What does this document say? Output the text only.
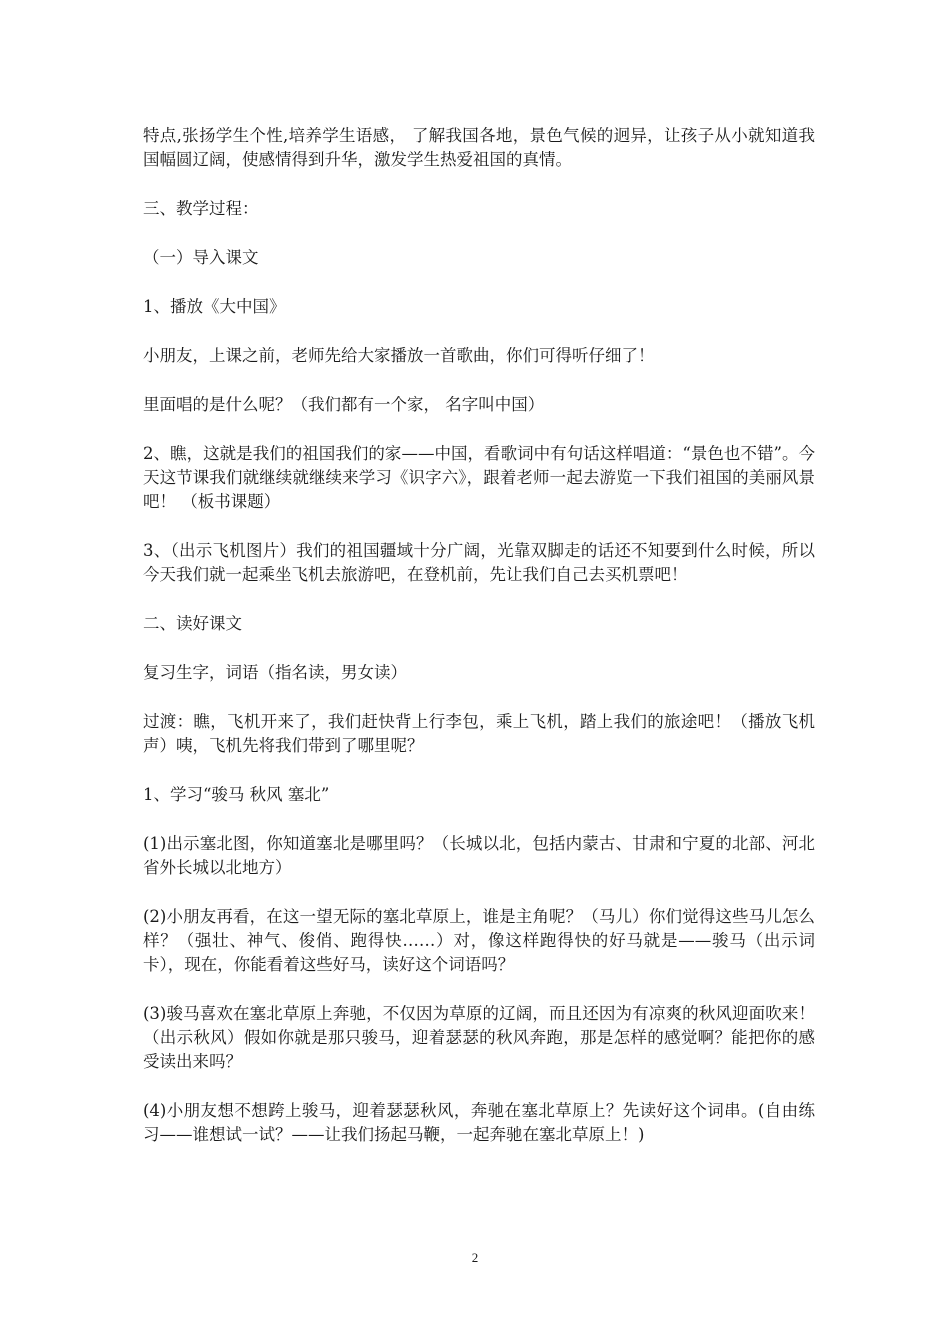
特点,张扬学生个性,培养学生语感， 了解我国各地，景色气候的迥异，让孩子从小就知道我国幅圆辽阔，使感情得到升华，激发学生热爱祖国的真情。

三、教学过程：

（一）导入课文

1、播放《大中国》

小朋友，上课之前，老师先给大家播放一首歌曲，你们可得听仔细了！

里面唱的是什么呢？（我们都有一个家， 名字叫中国）

2、瞧，这就是我们的祖国我们的家——中国，看歌词中有句话这样唱道：“景色也不错”。今天这节课我们就继续就继续来学习《识字六》，跟着老师一起去游览一下我们祖国的美丽风景吧！ （板书课题）

3、（出示飞机图片）我们的祖国疆域十分广阔，光靠双脚走的话还不知要到什么时候，所以今天我们就一起乘坐飞机去旅游吧，在登机前，先让我们自己去买机票吧！

二、读好课文

复习生字，词语（指名读，男女读）

过渡：瞧，飞机开来了，我们赶快背上行李包，乘上飞机，踏上我们的旅途吧！（播放飞机声）咦，飞机先将我们带到了哪里呢？

1、学习“骏马 秋风 塞北”

(1)出示塞北图，你知道塞北是哪里吗？（长城以北，包括内蒙古、甘肃和宁夏的北部、河北省外长城以北地方）

(2)小朋友再看，在这一望无际的塞北草原上，谁是主角呢？（马儿）你们觉得这些马儿怎么样？（强壮、神气、俊俏、跑得快……）对，像这样跑得快的好马就是——骏马（出示词卡），现在，你能看着这些好马，读好这个词语吗？

(3)骏马喜欢在塞北草原上奔驰，不仅因为草原的辽阔，而且还因为有凉爽的秋风迎面吹来！（出示秋风）假如你就是那只骏马，迎着瑟瑟的秋风奔跑，那是怎样的感觉啊？能把你的感受读出来吗？

(4)小朋友想不想跨上骏马，迎着瑟瑟秋风，奔驰在塞北草原上？先读好这个词串。(自由练习——谁想试一试？——让我们扬起马鞭，一起奔驰在塞北草原上！)

2
